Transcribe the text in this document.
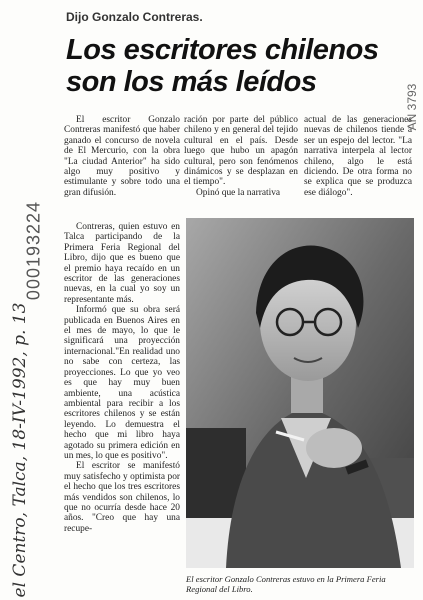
Dijo Gonzalo Contreras.
Los escritores chilenos
son los más leídos

El escritor Gonzalo Contreras manifestó que haber ganado el concurso de novela de El Mercurio, con la obra "La ciudad Anterior" ha sido algo muy positivo y estimulante y sobre todo una gran difusión.

Contreras, quien estuvo en Talca participando de la Primera Feria Regional del Libro, dijo que es bueno que el premio haya recaído en un escritor de las generaciones nuevas, en la cual yo soy un representante más.

Informó que su obra será publicada en Buenos Aires en el mes de mayo, lo que le significará una proyección internacional."En realidad uno no sabe con certeza, las proyecciones. Lo que yo veo es que hay muy buen ambiente, una acústica ambiental para recibir a los escritores chilenos y se están leyendo. Lo demuestra el hecho que mi libro haya agotado su primera edición en un mes, lo que es positivo".

El escritor se manifestó muy satisfecho y optimista por el hecho que los tres escritores más vendidos son chilenos, lo que no ocurría desde hace 20 años. "Creo que hay una recupe-

ración por parte del público chileno y en general del tejido cultural en el país. Desde luego que hubo un apagón cultural, pero son fenómenos dinámicos y se desplazan en el tiempo".

Opinó que la narrativa

actual de las generaciones nuevas de chilenos tiende a ser un espejo del lector. "La narrativa interpela al lector chileno, algo le está diciendo. De otra forma no se explica que se produzca ese diálogo".

El escritor Gonzalo Contreras estuvo en la Primera Feria Regional del Libro.
000193224
el Centro, Talca, 18-IV-1992, p. 13
AN 3793
